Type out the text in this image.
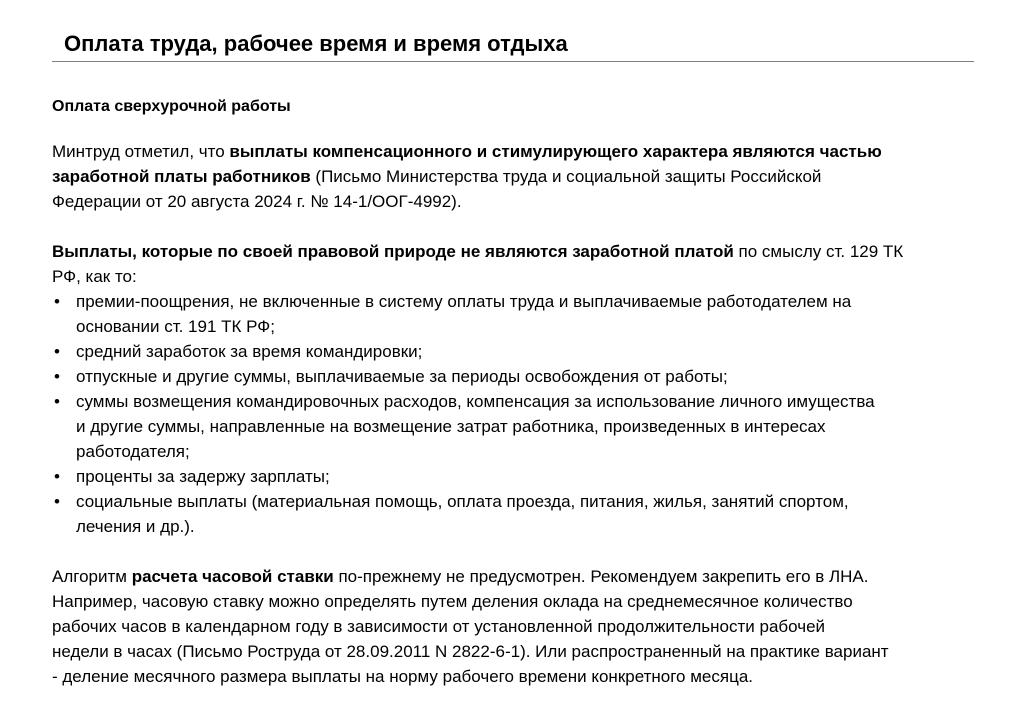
Оплата труда, рабочее время и время отдыха
Оплата сверхурочной работы

Минтруд отметил, что выплаты компенсационного и стимулирующего характера являются частью
заработной платы работников (Письмо Министерства труда и социальной защиты Российской
Федерации от 20 августа 2024 г. № 14-1/ООГ-4992).

Выплаты, которые по своей правовой природе не являются заработной платой по смыслу ст. 129 ТК
РФ, как то:

• премии-поощрения, не включенные в систему оплаты труда и выплачиваемые работодателем на
основании ст. 191 ТК РФ;
• средний заработок за время командировки;
• отпускные и другие суммы, выплачиваемые за периоды освобождения от работы;
• суммы возмещения командировочных расходов, компенсация за использование личного имущества
и другие суммы, направленные на возмещение затрат работника, произведенных в интересах
работодателя;
• проценты за задержу зарплаты;
• социальные выплаты (материальная помощь, оплата проезда, питания, жилья, занятий спортом,
лечения и др.).

Алгоритм расчета часовой ставки по-прежнему не предусмотрен. Рекомендуем закрепить его в ЛНА.
Например, часовую ставку можно определять путем деления оклада на среднемесячное количество
рабочих часов в календарном году в зависимости от установленной продолжительности рабочей
недели в часах (Письмо Роструда от 28.09.2011 N 2822-6-1). Или распространенный на практике вариант
- деление месячного размера выплаты на норму рабочего времени конкретного месяца.
